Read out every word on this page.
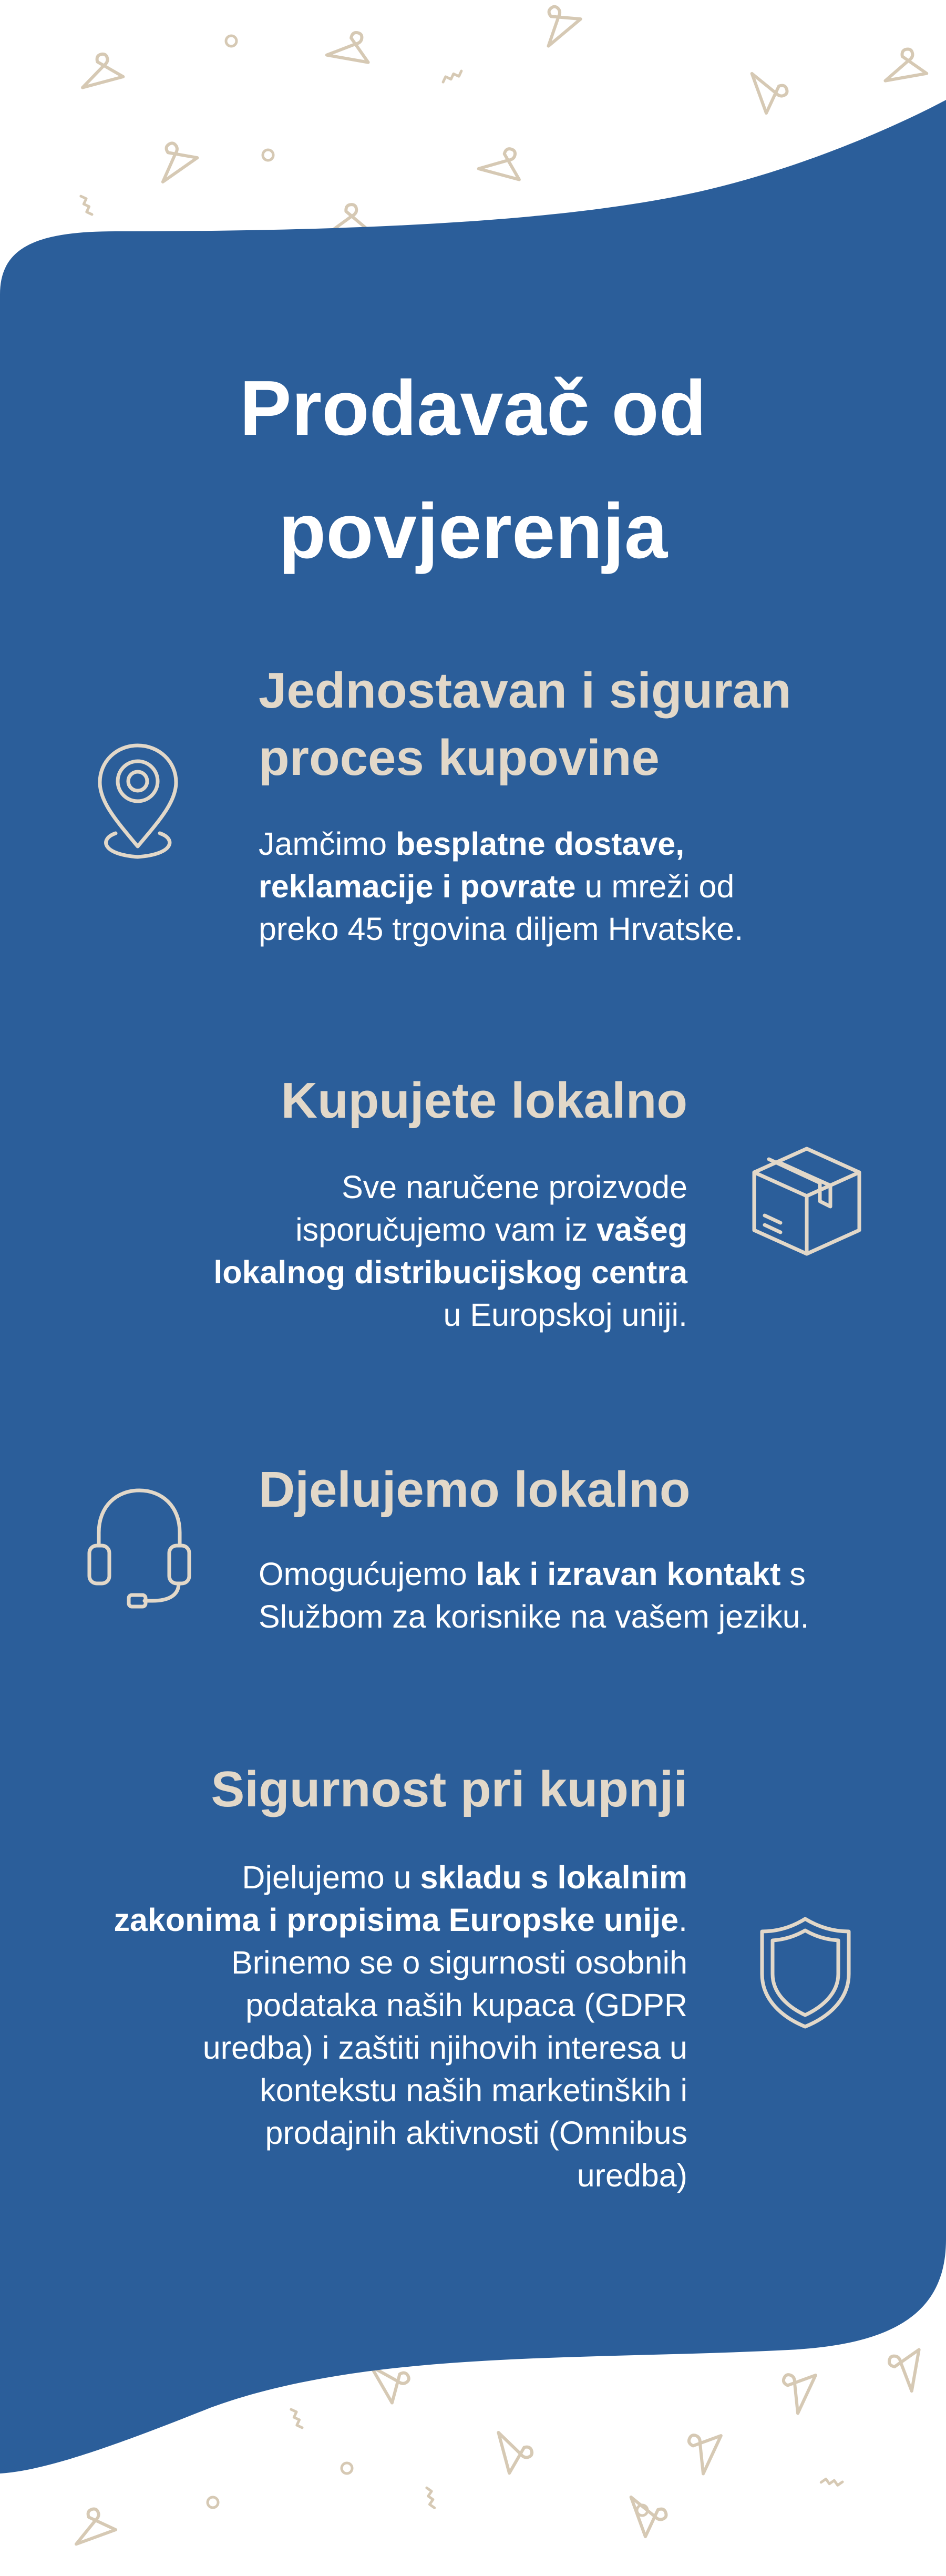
Prodavač od
povjerenja
Jednostavan i siguran
proces kupovine

Jamčimo besplatne dostave,
reklamacije i povrate u mreži od
preko 45 trgovina diljem Hrvatske.

Kupujete lokalno

Sve naručene proizvode
isporučujemo vam iz vašeg
lokalnog distribucijskog centra
u Europskoj uniji.

Djelujemo lokalno

Omogućujemo lak i izravan kontakt s
Službom za korisnike na vašem jeziku.

Sigurnost pri kupnji

Djelujemo u skladu s lokalnim
zakonima i propisima Europske unije.
Brinemo se o sigurnosti osobnih
podataka naših kupaca (GDPR
uredba) i zaštiti njihovih interesa u
kontekstu naših marketinških i
prodajnih aktivnosti (Omnibus
uredba)
